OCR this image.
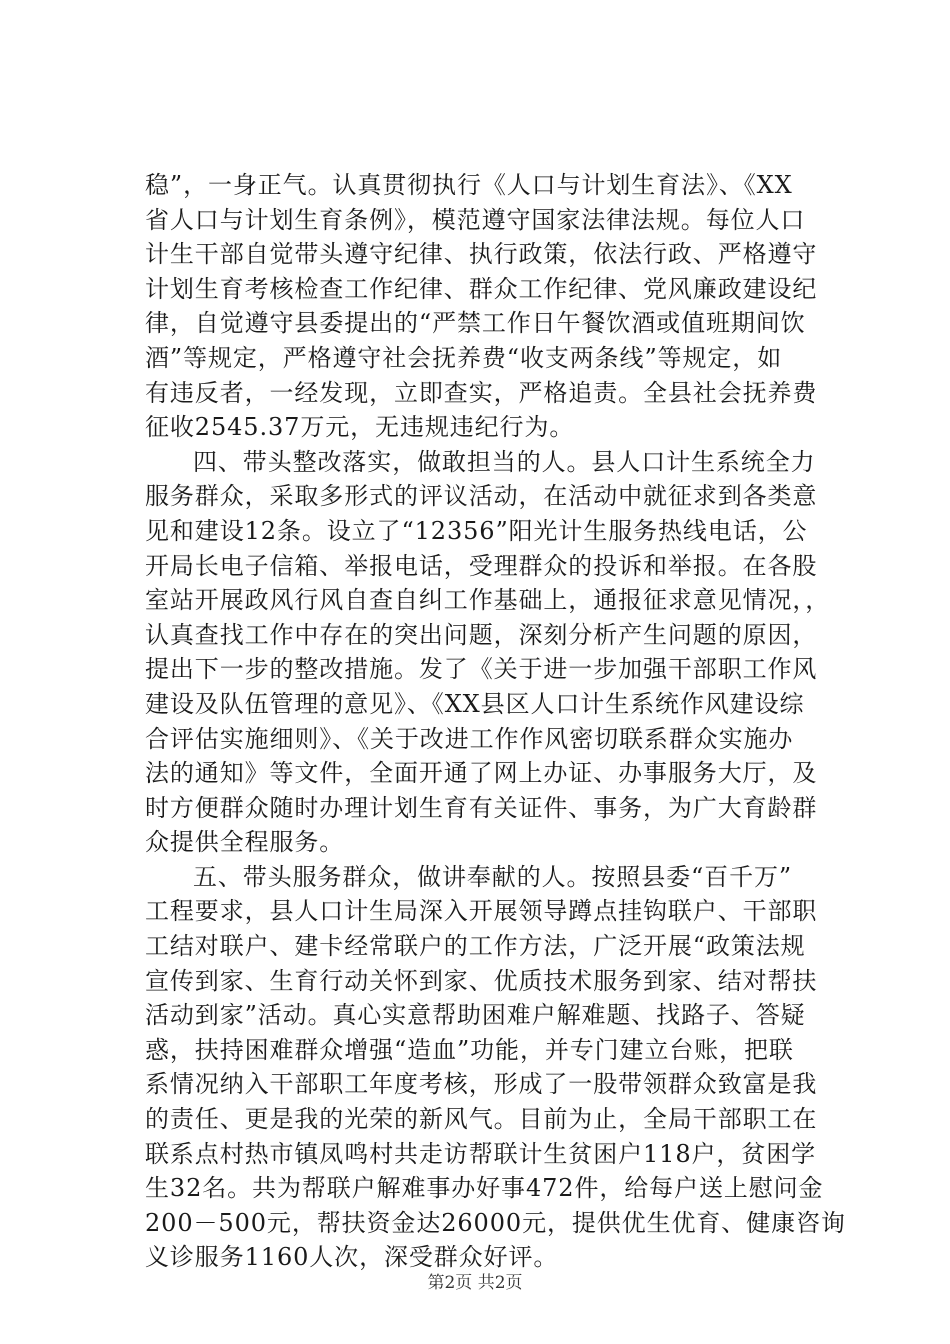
稳”，一身正气。认真贯彻执行《人口与计划生育法》、《XX
省人口与计划生育条例》，模范遵守国家法律法规。每位人口
计生干部自觉带头遵守纪律、执行政策，依法行政、严格遵守
计划生育考核检查工作纪律、群众工作纪律、党风廉政建设纪
律，自觉遵守县委提出的“严禁工作日午餐饮酒或值班期间饮
酒”等规定，严格遵守社会抚养费“收支两条线”等规定，如
有违反者，一经发现，立即查实，严格追责。全县社会抚养费
征收2545.37万元，无违规违纪行为。
四、带头整改落实，做敢担当的人。县人口计生系统全力
服务群众，采取多形式的评议活动，在活动中就征求到各类意
见和建设12条。设立了“12356”阳光计生服务热线电话，公
开局长电子信箱、举报电话，受理群众的投诉和举报。在各股
室站开展政风行风自查自纠工作基础上，通报征求意见情况，，
认真查找工作中存在的突出问题，深刻分析产生问题的原因，
提出下一步的整改措施。发了《关于进一步加强干部职工作风
建设及队伍管理的意见》、《XX县区人口计生系统作风建设综
合评估实施细则》、《关于改进工作作风密切联系群众实施办
法的通知》等文件，全面开通了网上办证、办事服务大厅，及
时方便群众随时办理计划生育有关证件、事务，为广大育龄群
众提供全程服务。
五、带头服务群众，做讲奉献的人。按照县委“百千万”
工程要求，县人口计生局深入开展领导蹲点挂钩联户、干部职
工结对联户、建卡经常联户的工作方法，广泛开展“政策法规
宣传到家、生育行动关怀到家、优质技术服务到家、结对帮扶
活动到家”活动。真心实意帮助困难户解难题、找路子、答疑
惑，扶持困难群众增强“造血”功能，并专门建立台账，把联
系情况纳入干部职工年度考核，形成了一股带领群众致富是我
的责任、更是我的光荣的新风气。目前为止，全局干部职工在
联系点村热市镇凤鸣村共走访帮联计生贫困户118户，贫困学
生32名。共为帮联户解难事办好事472件，给每户送上慰问金
200－500元，帮扶资金达26000元，提供优生优育、健康咨询
义诊服务1160人次，深受群众好评。
第2页 共2页
